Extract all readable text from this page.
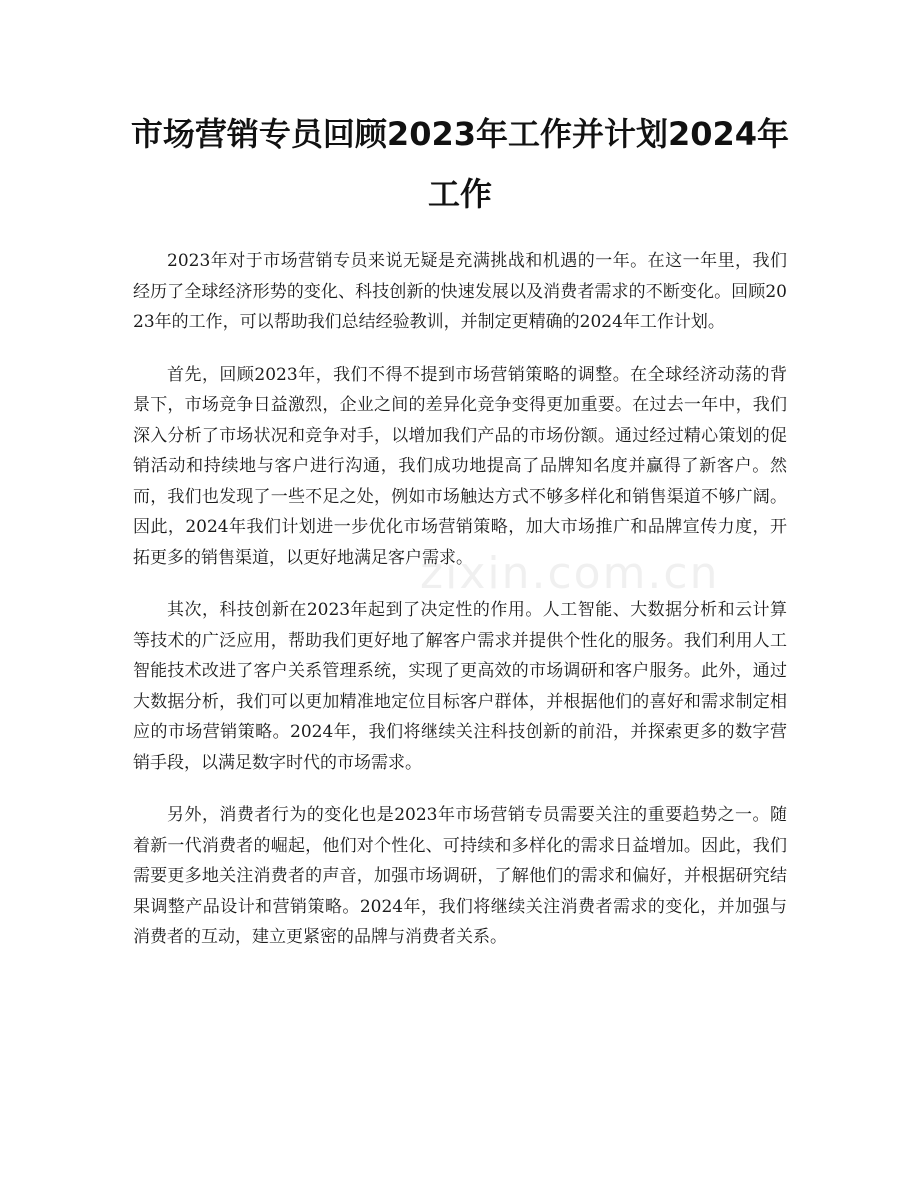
市场营销专员回顾2023年工作并计划2024年工作

2023年对于市场营销专员来说无疑是充满挑战和机遇的一年。在这一年里，我们经历了全球经济形势的变化、科技创新的快速发展以及消费者需求的不断变化。回顾2023年的工作，可以帮助我们总结经验教训，并制定更精确的2024年工作计划。

首先，回顾2023年，我们不得不提到市场营销策略的调整。在全球经济动荡的背景下，市场竞争日益激烈，企业之间的差异化竞争变得更加重要。在过去一年中，我们深入分析了市场状况和竞争对手，以增加我们产品的市场份额。通过经过精心策划的促销活动和持续地与客户进行沟通，我们成功地提高了品牌知名度并赢得了新客户。然而，我们也发现了一些不足之处，例如市场触达方式不够多样化和销售渠道不够广阔。因此，2024年我们计划进一步优化市场营销策略，加大市场推广和品牌宣传力度，开拓更多的销售渠道，以更好地满足客户需求。

其次，科技创新在2023年起到了决定性的作用。人工智能、大数据分析和云计算等技术的广泛应用，帮助我们更好地了解客户需求并提供个性化的服务。我们利用人工智能技术改进了客户关系管理系统，实现了更高效的市场调研和客户服务。此外，通过大数据分析，我们可以更加精准地定位目标客户群体，并根据他们的喜好和需求制定相应的市场营销策略。2024年，我们将继续关注科技创新的前沿，并探索更多的数字营销手段，以满足数字时代的市场需求。

另外，消费者行为的变化也是2023年市场营销专员需要关注的重要趋势之一。随着新一代消费者的崛起，他们对个性化、可持续和多样化的需求日益增加。因此，我们需要更多地关注消费者的声音，加强市场调研，了解他们的需求和偏好，并根据研究结果调整产品设计和营销策略。2024年，我们将继续关注消费者需求的变化，并加强与消费者的互动，建立更紧密的品牌与消费者关系。

zixin.com.cn
